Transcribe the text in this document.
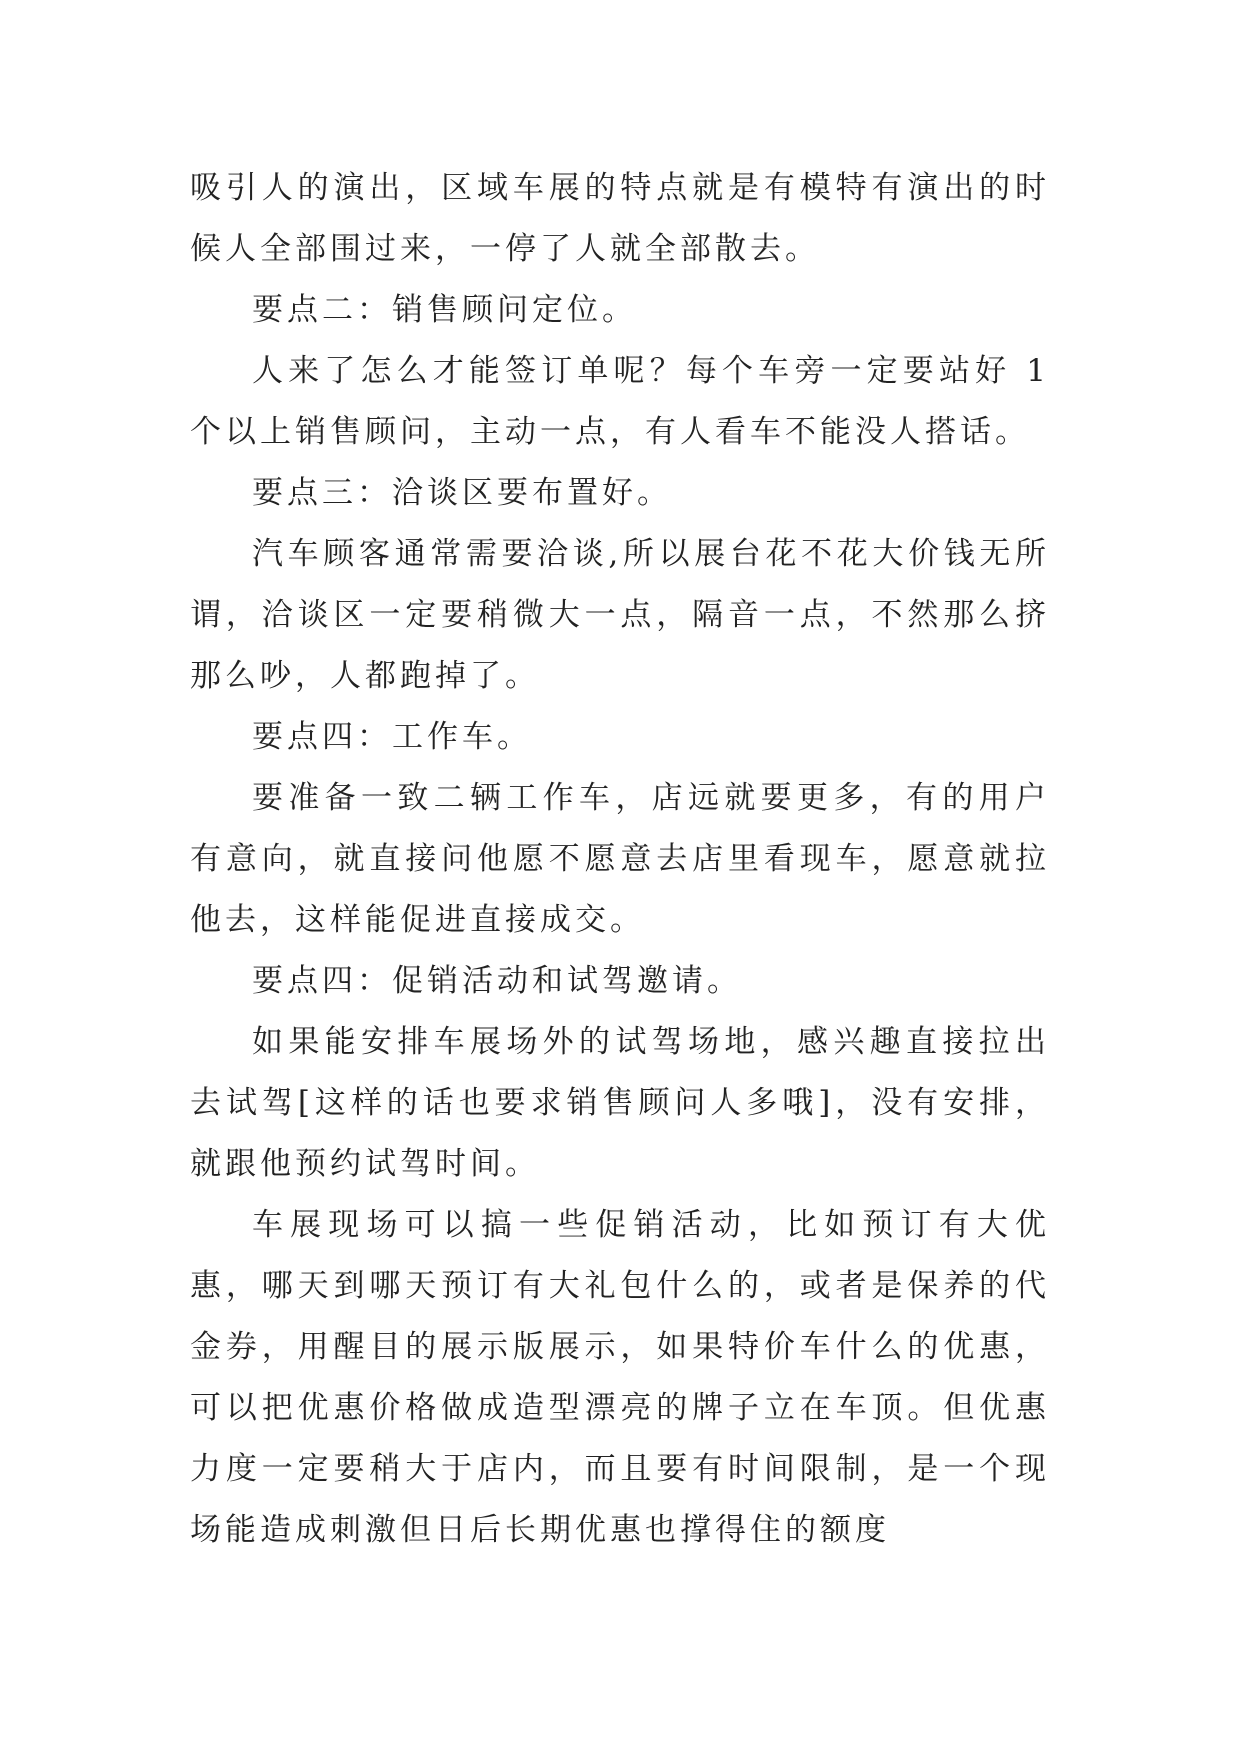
吸引人的演出，区域车展的特点就是有模特有演出的时候人全部围过来，一停了人就全部散去。

要点二：销售顾问定位。

人来了怎么才能签订单呢？每个车旁一定要站好 1 个以上销售顾问，主动一点，有人看车不能没人搭话。

要点三：洽谈区要布置好。

汽车顾客通常需要洽谈,所以展台花不花大价钱无所谓，洽谈区一定要稍微大一点，隔音一点，不然那么挤那么吵，人都跑掉了。

要点四：工作车。

要准备一致二辆工作车，店远就要更多，有的用户有意向，就直接问他愿不愿意去店里看现车，愿意就拉他去，这样能促进直接成交。

要点四：促销活动和试驾邀请。

如果能安排车展场外的试驾场地，感兴趣直接拉出去试驾[这样的话也要求销售顾问人多哦]，没有安排，就跟他预约试驾时间。

车展现场可以搞一些促销活动，比如预订有大优惠，哪天到哪天预订有大礼包什么的，或者是保养的代金券，用醒目的展示版展示，如果特价车什么的优惠，可以把优惠价格做成造型漂亮的牌子立在车顶。但优惠力度一定要稍大于店内，而且要有时间限制，是一个现场能造成刺激但日后长期优惠也撑得住的额度
